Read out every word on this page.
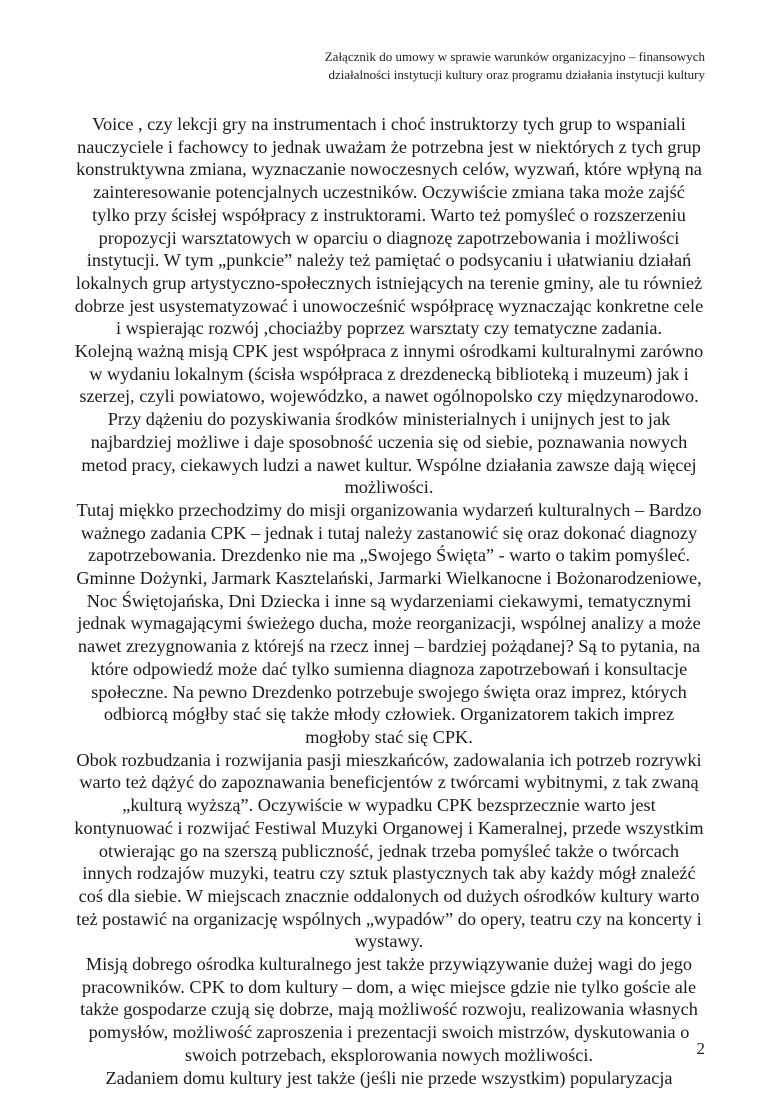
Załącznik do umowy w sprawie warunków organizacyjno – finansowych
działalności instytucji kultury oraz programu działania instytucji kultury
Voice , czy lekcji gry na instrumentach i choć instruktorzy tych grup to wspaniali
nauczyciele i fachowcy to jednak uważam że potrzebna jest w niektórych z tych grup
konstruktywna zmiana, wyznaczanie nowoczesnych celów, wyzwań, które wpłyną na
zainteresowanie potencjalnych uczestników. Oczywiście zmiana taka może zajść
tylko przy ścisłej współpracy z instruktorami. Warto też pomyśleć o rozszerzeniu
propozycji warsztatowych w oparciu o diagnozę zapotrzebowania i możliwości
instytucji. W tym „punkcie” należy też pamiętać o podsycaniu i ułatwianiu działań
lokalnych grup artystyczno-społecznych istniejących na terenie gminy, ale tu również
dobrze jest usystematyzować i unowocześnić współpracę wyznaczając konkretne cele
i wspierając rozwój ,chociażby poprzez warsztaty czy tematyczne zadania.
Kolejną ważną misją CPK jest współpraca z innymi ośrodkami kulturalnymi zarówno
w wydaniu lokalnym (ścisła współpraca z drezdenecką biblioteką i muzeum) jak i
szerzej, czyli powiatowo, wojewódzko, a nawet ogólnopolsko czy międzynarodowo.
Przy dążeniu do pozyskiwania środków ministerialnych i unijnych jest to jak
najbardziej możliwe i daje sposobność uczenia się od siebie, poznawania nowych
metod pracy, ciekawych ludzi a nawet kultur. Wspólne działania zawsze dają więcej
możliwości.
Tutaj miękko przechodzimy do misji organizowania wydarzeń kulturalnych – Bardzo
ważnego zadania CPK – jednak i tutaj należy zastanowić się oraz dokonać diagnozy
zapotrzebowania. Drezdenko nie ma „Swojego Święta” - warto o takim pomyśleć.
Gminne Dożynki, Jarmark Kasztelański, Jarmarki Wielkanocne i Bożonarodzeniowe,
Noc Świętojańska, Dni Dziecka i inne są wydarzeniami ciekawymi, tematycznymi
jednak wymagającymi świeżego ducha, może reorganizacji, wspólnej analizy a może
nawet zrezygnowania z którejś na rzecz innej – bardziej pożądanej? Są to pytania, na
które odpowiedź może dać tylko sumienna diagnoza zapotrzebowań i konsultacje
społeczne. Na pewno Drezdenko potrzebuje swojego święta oraz imprez, których
odbiorcą mógłby stać się także młody człowiek. Organizatorem takich imprez
mogłoby stać się CPK.
Obok rozbudzania i rozwijania pasji mieszkańców, zadowalania ich potrzeb rozrywki
warto też dążyć do zapoznawania beneficjentów z twórcami wybitnymi, z tak zwaną
„kulturą wyższą”. Oczywiście w wypadku CPK bezsprzecznie warto jest
kontynuować i rozwijać Festiwal Muzyki Organowej i Kameralnej, przede wszystkim
otwierając go na szerszą publiczność, jednak trzeba pomyśleć także o twórcach
innych rodzajów muzyki, teatru czy sztuk plastycznych tak aby każdy mógł znaleźć
coś dla siebie. W miejscach znacznie oddalonych od dużych ośrodków kultury warto
też postawić na organizację wspólnych „wypadów” do opery, teatru czy na koncerty i
wystawy.
Misją dobrego ośrodka kulturalnego jest także przywiązywanie dużej wagi do jego
pracowników. CPK to dom kultury – dom, a więc miejsce gdzie nie tylko goście ale
także gospodarze czują się dobrze, mają możliwość rozwoju, realizowania własnych
pomysłów, możliwość zaproszenia i prezentacji swoich mistrzów, dyskutowania o
swoich potrzebach, eksplorowania nowych możliwości.
Zadaniem domu kultury jest także (jeśli nie przede wszystkim) popularyzacja
2
